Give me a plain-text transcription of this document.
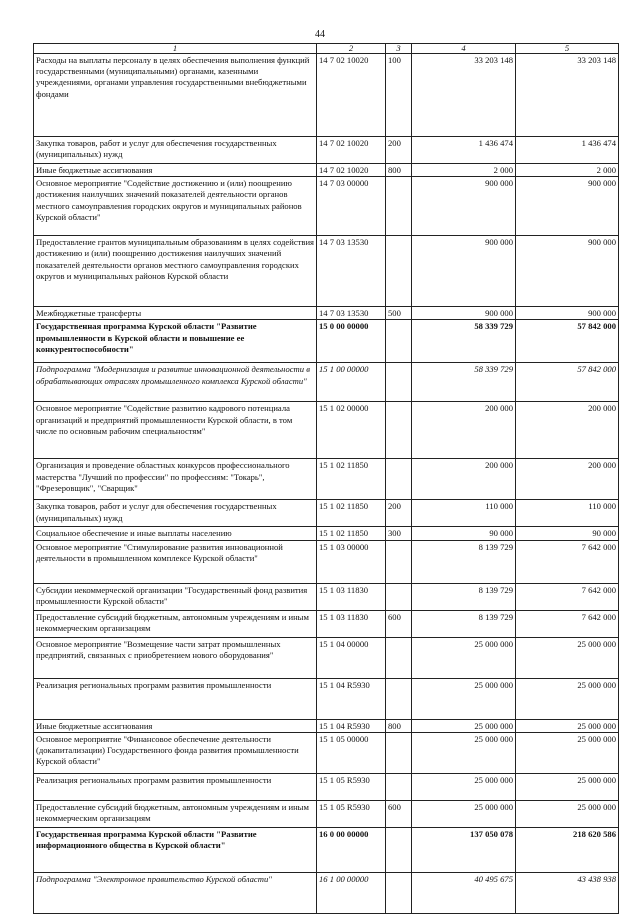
44
1	2	3	4	5
Расходы на выплаты персоналу в целях обеспечения выполнения функций государственными (муниципальными) органами, казенными учреждениями, органами управления государственными внебюджетными фондами	14 7 02 10020	100	33 203 148	33 203 148
Закупка товаров, работ и услуг для обеспечения государственных (муниципальных) нужд	14 7 02 10020	200	1 436 474	1 436 474
Иные бюджетные ассигнования	14 7 02 10020	800	2 000	2 000
Основное мероприятие "Содействие достижению и (или) поощрению достижения наилучших значений показателей деятельности органов местного самоуправления городских округов и муниципальных районов Курской области"	14 7 03 00000		900 000	900 000
Предоставление грантов муниципальным образованиям в целях содействия достижению и (или) поощрению достижения наилучших значений показателей деятельности органов местного самоуправления городских округов и муниципальных районов Курской области	14 7 03 13530		900 000	900 000
Межбюджетные трансферты	14 7 03 13530	500	900 000	900 000
Государственная программа Курской области "Развитие промышленности в Курской области и повышение ее конкурентоспособности"	15 0 00 00000		58 339 729	57 842 000
Подпрограмма "Модернизация и развитие инновационной деятельности в обрабатывающих отраслях промышленного комплекса Курской области"	15 1 00 00000		58 339 729	57 842 000
Основное мероприятие "Содействие развитию кадрового потенциала организаций и предприятий промышленности Курской области, в том числе по основным рабочим специальностям"	15 1 02 00000		200 000	200 000
Организация и проведение областных конкурсов профессионального мастерства "Лучший по профессии" по профессиям: "Токарь", "Фрезеровщик", "Сварщик"	15 1 02 11850		200 000	200 000
Закупка товаров, работ и услуг для обеспечения государственных (муниципальных) нужд	15 1 02 11850	200	110 000	110 000
Социальное обеспечение и иные выплаты населению	15 1 02 11850	300	90 000	90 000
Основное мероприятие "Стимулирование развития инновационной деятельности в промышленном комплексе Курской области"	15 1 03 00000		8 139 729	7 642 000
Субсидии некоммерческой организации "Государственный фонд развития промышленности Курской области"	15 1 03 11830		8 139 729	7 642 000
Предоставление субсидий бюджетным, автономным учреждениям и иным некоммерческим организациям	15 1 03 11830	600	8 139 729	7 642 000
Основное мероприятие "Возмещение части затрат промышленных предприятий, связанных с приобретением нового оборудования"	15 1 04 00000		25 000 000	25 000 000
Реализация региональных программ развития промышленности	15 1 04 R5930		25 000 000	25 000 000
Иные бюджетные ассигнования	15 1 04 R5930	800	25 000 000	25 000 000
Основное мероприятие "Финансовое обеспечение деятельности (докапитализации) Государственного фонда развития промышленности Курской области"	15 1 05 00000		25 000 000	25 000 000
Реализация региональных программ развития промышленности	15 1 05 R5930		25 000 000	25 000 000
Предоставление субсидий бюджетным, автономным учреждениям и иным некоммерческим организациям	15 1 05 R5930	600	25 000 000	25 000 000
Государственная программа Курской области "Развитие информационного общества в Курской области"	16 0 00 00000		137 050 078	218 620 586
Подпрограмма "Электронное правительство Курской области"	16 1 00 00000		40 495 675	43 438 938
